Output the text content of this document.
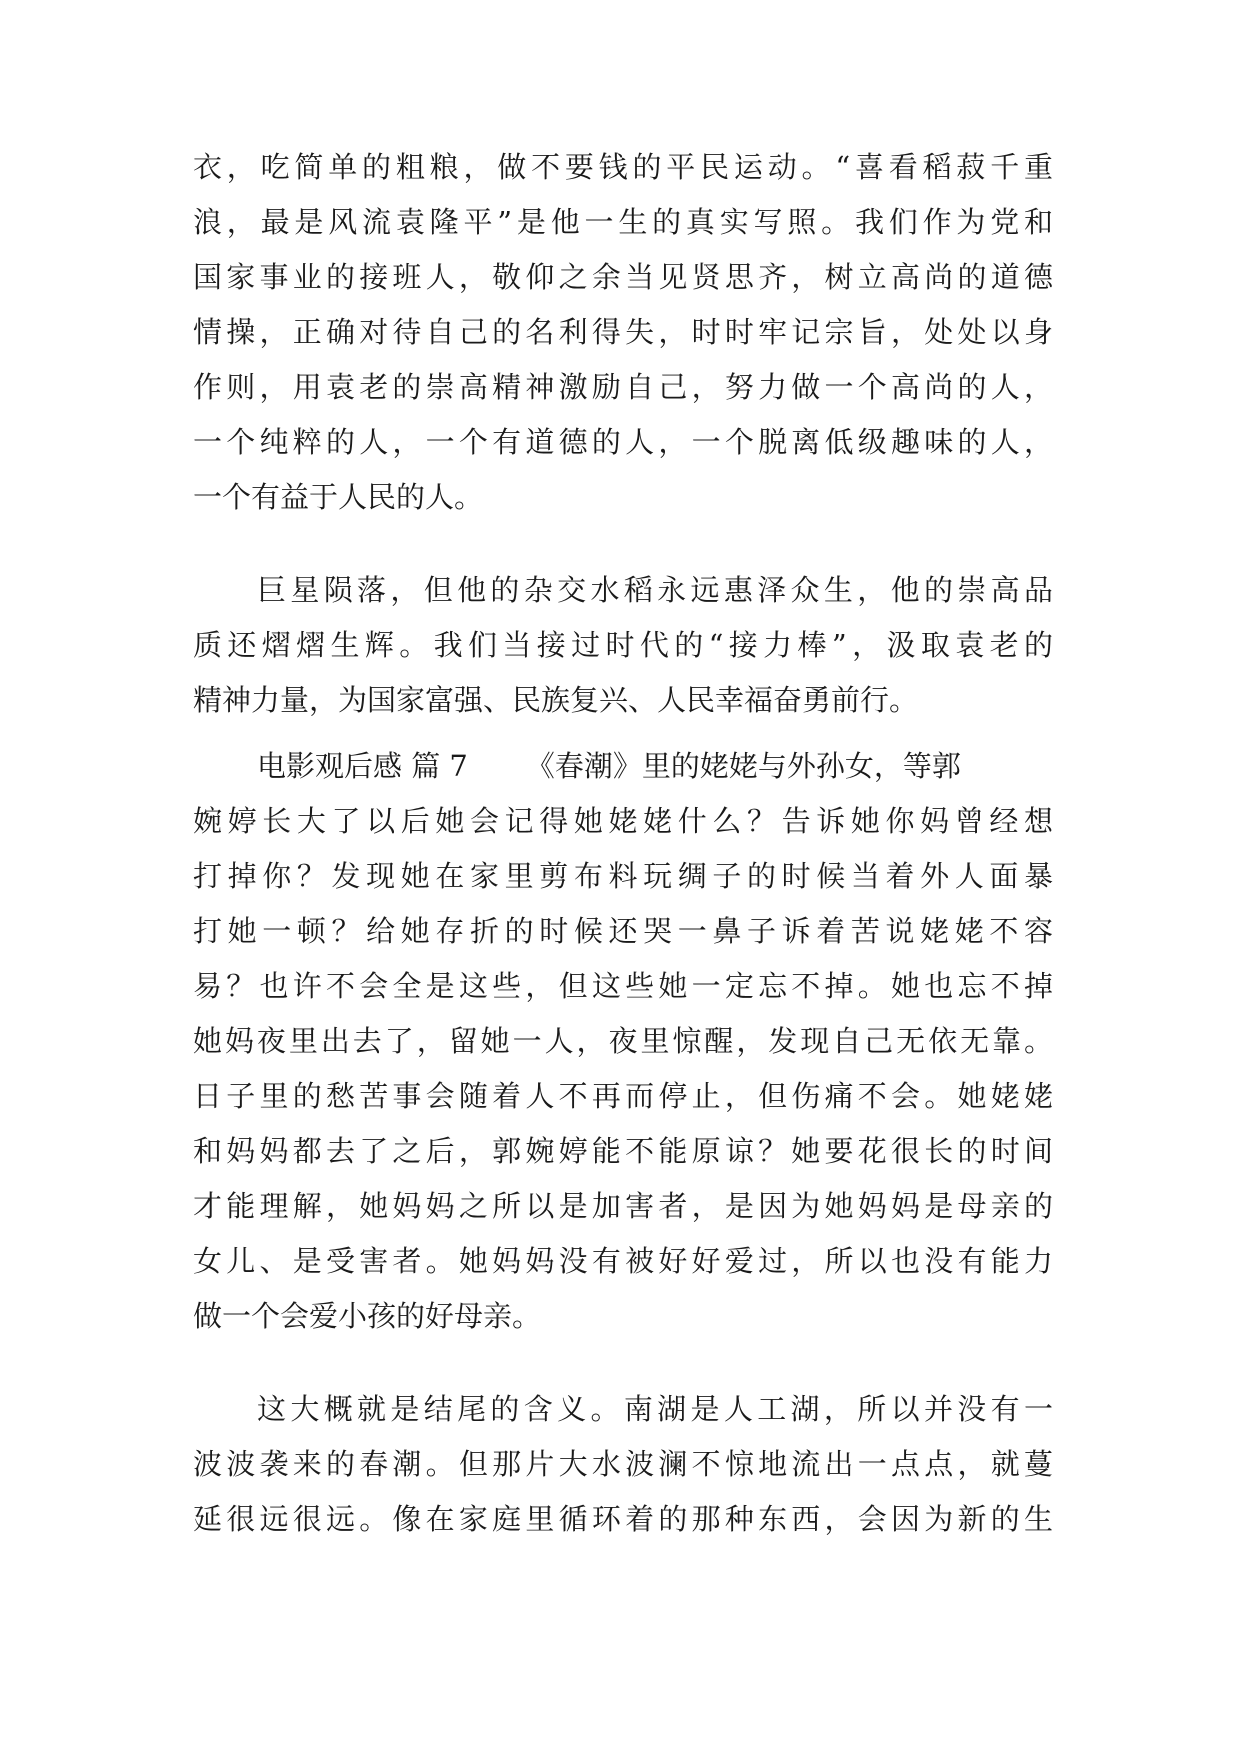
衣，吃简单的粗粮，做不要钱的平民运动。“喜看稻菽千重

浪，最是风流袁隆平”是他一生的真实写照。我们作为党和

国家事业的接班人，敬仰之余当见贤思齐，树立高尚的道德

情操，正确对待自己的名利得失，时时牢记宗旨，处处以身

作则，用袁老的崇高精神激励自己，努力做一个高尚的人，

一个纯粹的人，一个有道德的人，一个脱离低级趣味的人，

一个有益于人民的人。

巨星陨落，但他的杂交水稻永远惠泽众生，他的崇高品

质还熠熠生辉。我们当接过时代的“接力棒”，汲取袁老的

精神力量，为国家富强、民族复兴、人民幸福奋勇前行。

电影观后感 篇 7 《春潮》里的姥姥与外孙女，等郭

婉婷长大了以后她会记得她姥姥什么？告诉她你妈曾经想

打掉你？发现她在家里剪布料玩绸子的时候当着外人面暴

打她一顿？给她存折的时候还哭一鼻子诉着苦说姥姥不容

易？也许不会全是这些，但这些她一定忘不掉。她也忘不掉

她妈夜里出去了，留她一人，夜里惊醒，发现自己无依无靠。

日子里的愁苦事会随着人不再而停止，但伤痛不会。她姥姥

和妈妈都去了之后，郭婉婷能不能原谅？她要花很长的时间

才能理解，她妈妈之所以是加害者，是因为她妈妈是母亲的

女儿、是受害者。她妈妈没有被好好爱过，所以也没有能力

做一个会爱小孩的好母亲。

这大概就是结尾的含义。南湖是人工湖，所以并没有一

波波袭来的春潮。但那片大水波澜不惊地流出一点点，就蔓

延很远很远。像在家庭里循环着的那种东西，会因为新的生
